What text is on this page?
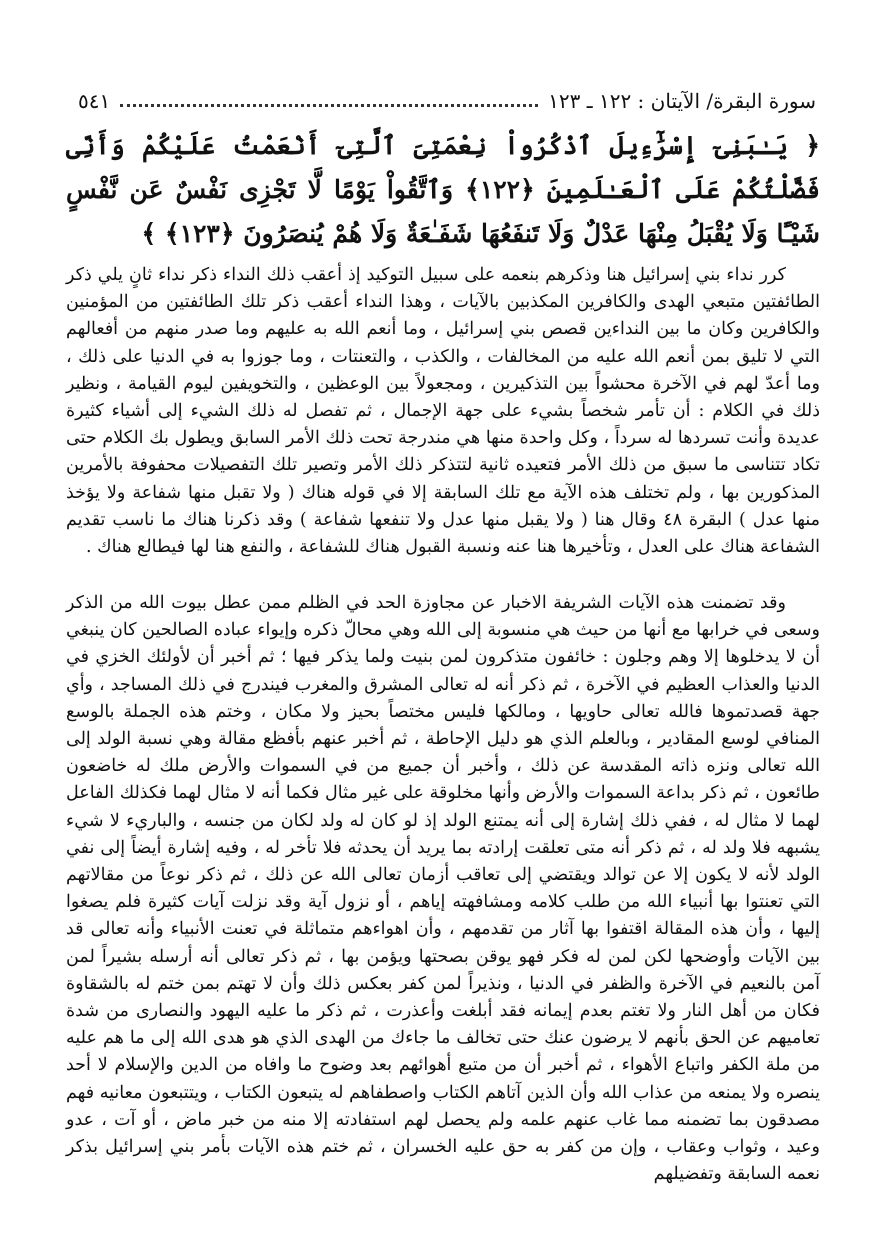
سورة البقرة/ الآيتان : ١٢٢ ـ ١٢٣
٥٤١

﴿ يَـٰبَنِىٓ إِسْرَٰٓءِيلَ ٱذْكُرُواْ نِعْمَتِىَ ٱلَّتِىٓ أَنْعَمْتُ عَلَيْكُمْ وَأَنِّى فَضَّلْتُكُمْ عَلَى ٱلْعَـٰلَمِينَ ﴿١٢٢﴾ وَٱتَّقُواْ يَوْمًا لَّا تَجْزِى نَفْسٌ عَن نَّفْسٍ شَيْـًٔا وَلَا يُقْبَلُ مِنْهَا عَدْلٌ وَلَا تَنفَعُهَا شَفَـٰعَةٌ وَلَا هُمْ يُنصَرُونَ ﴿١٢٣﴾ ﴾

كرر نداء بني إسرائيل هنا وذكرهم بنعمه على سبيل التوكيد إذ أعقب ذلك النداء ذكر نداء ثانٍ يلي ذكر الطائفتين متبعي الهدى والكافرين المكذبين بالآيات ، وهذا النداء أعقب ذكر تلك الطائفتين من المؤمنين والكافرين وكان ما بين النداءين قصص بني إسرائيل ، وما أنعم الله به عليهم وما صدر منهم من أفعالهم التي لا تليق بمن أنعم الله عليه من المخالفات ، والكذب ، والتعنتات ، وما جوزوا به في الدنيا على ذلك ، وما أعدّ لهم في الآخرة محشواً بين التذكيرين ، ومجعولاً بين الوعظين ، والتخويفين ليوم القيامة ، ونظير ذلك في الكلام : أن تأمر شخصاً بشيء على جهة الإجمال ، ثم تفصل له ذلك الشيء إلى أشياء كثيرة عديدة وأنت تسردها له سرداً ، وكل واحدة منها هي مندرجة تحت ذلك الأمر السابق ويطول بك الكلام حتى تكاد تتناسى ما سبق من ذلك الأمر فتعيده ثانية لتتذكر ذلك الأمر وتصير تلك التفصيلات محفوفة بالأمرين المذكورين بها ، ولم تختلف هذه الآية مع تلك السابقة إلا في قوله هناك ( ولا تقبل منها شفاعة ولا يؤخذ منها عدل ) البقرة ٤٨ وقال هنا ( ولا يقبل منها عدل ولا تنفعها شفاعة ) وقد ذكرنا هناك ما ناسب تقديم الشفاعة هناك على العدل ، وتأخيرها هنا عنه ونسبة القبول هناك للشفاعة ، والنفع هنا لها فيطالع هناك .

وقد تضمنت هذه الآيات الشريفة الاخبار عن مجاوزة الحد في الظلم ممن عطل بيوت الله من الذكر وسعى في خرابها مع أنها من حيث هي منسوبة إلى الله وهي محالّ ذكره وإيواء عباده الصالحين كان ينبغي أن لا يدخلوها إلا وهم وجلون : خائفون متذكرون لمن بنيت ولما يذكر فيها ؛ ثم أخبر أن لأولئك الخزي في الدنيا والعذاب العظيم في الآخرة ، ثم ذكر أنه له تعالى المشرق والمغرب فيندرج في ذلك المساجد ، وأي جهة قصدتموها فالله تعالى حاويها ، ومالكها فليس مختصاً بحيز ولا مكان ، وختم هذه الجملة بالوسع المنافي لوسع المقادير ، وبالعلم الذي هو دليل الإحاطة ، ثم أخبر عنهم بأفظع مقالة وهي نسبة الولد إلى الله تعالى ونزه ذاته المقدسة عن ذلك ، وأخبر أن جميع من في السموات والأرض ملك له خاضعون طائعون ، ثم ذكر بداعة السموات والأرض وأنها مخلوقة على غير مثال فكما أنه لا مثال لهما فكذلك الفاعل لهما لا مثال له ، ففي ذلك إشارة إلى أنه يمتنع الولد إذ لو كان له ولد لكان من جنسه ، والباريء لا شيء يشبهه فلا ولد له ، ثم ذكر أنه متى تعلقت إرادته بما يريد أن يحدثه فلا تأخر له ، وفيه إشارة أيضاً إلى نفي الولد لأنه لا يكون إلا عن توالد ويقتضي إلى تعاقب أزمان تعالى الله عن ذلك ، ثم ذكر نوعاً من مقالاتهم التي تعنتوا بها أنبياء الله من طلب كلامه ومشافهته إياهم ، أو نزول آية وقد نزلت آيات كثيرة فلم يصغوا إليها ، وأن هذه المقالة اقتفوا بها آثار من تقدمهم ، وأن اهواءهم متماثلة في تعنت الأنبياء وأنه تعالى قد بين الآيات وأوضحها لكن لمن له فكر فهو يوقن بصحتها ويؤمن بها ، ثم ذكر تعالى أنه أرسله بشيراً لمن آمن بالنعيم في الآخرة والظفر في الدنيا ، ونذيراً لمن كفر بعكس ذلك وأن لا تهتم بمن ختم له بالشقاوة فكان من أهل النار ولا تغتم بعدم إيمانه فقد أبلغت وأعذرت ، ثم ذكر ما عليه اليهود والنصارى من شدة تعاميهم عن الحق بأنهم لا يرضون عنك حتى تخالف ما جاءك من الهدى الذي هو هدى الله إلى ما هم عليه من ملة الكفر واتباع الأهواء ، ثم أخبر أن من متبع أهوائهم بعد وضوح ما وافاه من الدين والإسلام لا أحد ينصره ولا يمنعه من عذاب الله وأن الذين آتاهم الكتاب واصطفاهم له يتبعون الكتاب ، ويتتبعون معانيه فهم مصدقون بما تضمنه مما غاب عنهم علمه ولم يحصل لهم استفادته إلا منه من خبر ماض ، أو آت ، عدو وعيد ، وثواب وعقاب ، وإن من كفر به حق عليه الخسران ، ثم ختم هذه الآيات بأمر بني إسرائيل بذكر نعمه السابقة وتفضيلهم
